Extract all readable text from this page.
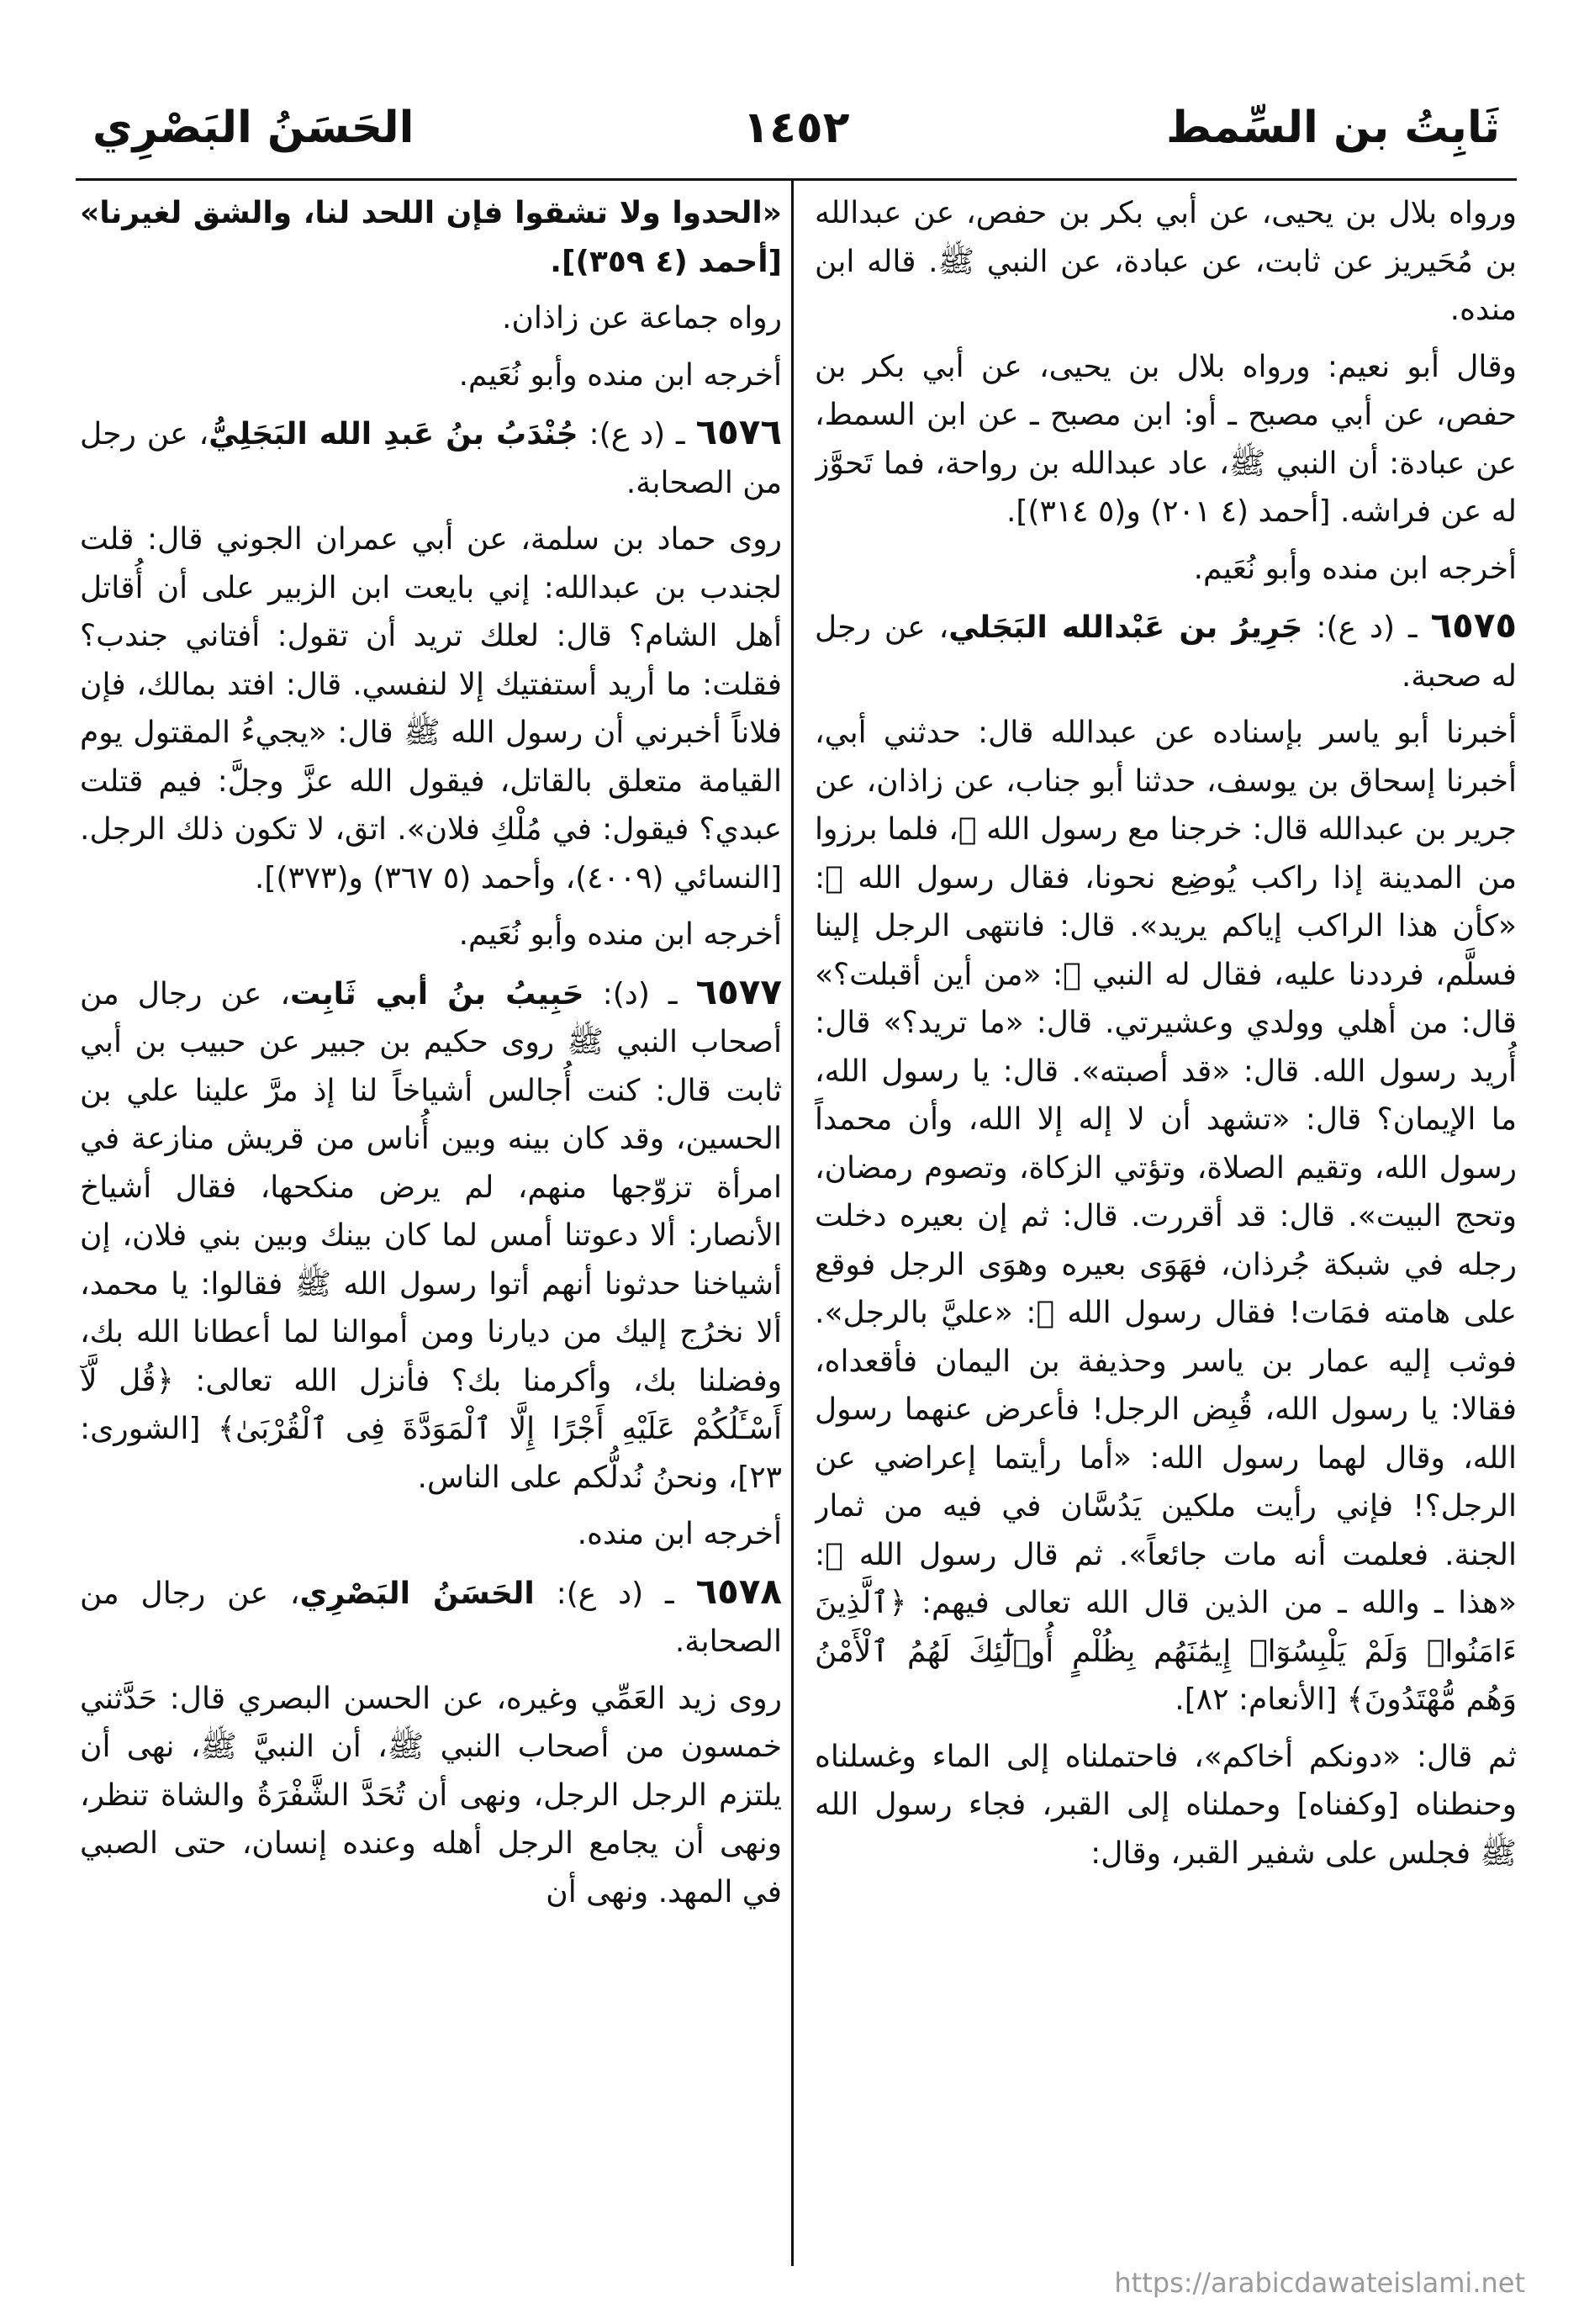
ثَابِتُ بن السِّمط
١٤٥٢
الحَسَنُ البَصْرِي

ورواه بلال بن يحيى، عن أبي بكر بن حفص، عن عبدالله بن مُحَيريز عن ثابت، عن عبادة، عن النبي ﷺ. قاله ابن منده.

وقال أبو نعيم: ورواه بلال بن يحيى، عن أبي بكر بن حفص، عن أبي مصبح ـ أو: ابن مصبح ـ عن ابن السمط، عن عبادة: أن النبي ﷺ، عاد عبدالله بن رواحة، فما تَحوَّز له عن فراشه. [أحمد (٤ ٢٠١) و(٥ ٣١٤)].

أخرجه ابن منده وأبو نُعَيم.

٦٥٧٥ ـ (د ع): جَرِيرُ بن عَبْدالله البَجَلي، عن رجل له صحبة.

أخبرنا أبو ياسر بإسناده عن عبدالله قال: حدثني أبي، أخبرنا إسحاق بن يوسف، حدثنا أبو جناب، عن زاذان، عن جرير بن عبدالله قال: خرجنا مع رسول الله ﷺ، فلما برزوا من المدينة إذا راكب يُوضِع نحونا، فقال رسول الله ﷺ: «كأن هذا الراكب إياكم يريد». قال: فانتهى الرجل إلينا فسلَّم، فرددنا عليه، فقال له النبي ﷺ: «من أين أقبلت؟» قال: من أهلي وولدي وعشيرتي. قال: «ما تريد؟» قال: أُريد رسول الله. قال: «قد أصبته». قال: يا رسول الله، ما الإيمان؟ قال: «تشهد أن لا إله إلا الله، وأن محمداً رسول الله، وتقيم الصلاة، وتؤتي الزكاة، وتصوم رمضان، وتحج البيت». قال: قد أقررت. قال: ثم إن بعيره دخلت رجله في شبكة جُرذان، فهَوَى بعيره وهوَى الرجل فوقع على هامته فمَات! فقال رسول الله ﷺ: «عليَّ بالرجل». فوثب إليه عمار بن ياسر وحذيفة بن اليمان فأقعداه، فقالا: يا رسول الله، قُبِض الرجل! فأعرض عنهما رسول الله، وقال لهما رسول الله: «أما رأيتما إعراضي عن الرجل؟! فإني رأيت ملكين يَدُسَّان في فيه من ثمار الجنة. فعلمت أنه مات جائعاً». ثم قال رسول الله ﷺ: «هذا ـ والله ـ من الذين قال الله تعالى فيهم: ﴿ٱلَّذِينَ ءَامَنُوا۟ وَلَمْ يَلْبِسُوٓا۟ إِيمَٰنَهُم بِظُلْمٍ أُو۟لَٰٓئِكَ لَهُمُ ٱلْأَمْنُ وَهُم مُّهْتَدُونَ﴾ [الأنعام: ٨٢].

ثم قال: «دونكم أخاكم»، فاحتملناه إلى الماء وغسلناه وحنطناه [وكفناه] وحملناه إلى القبر، فجاء رسول الله ﷺ فجلس على شفير القبر، وقال:

«الحدوا ولا تشقوا فإن اللحد لنا، والشق لغيرنا» [أحمد (٤ ٣٥٩)].

رواه جماعة عن زاذان.

أخرجه ابن منده وأبو نُعَيم.

٦٥٧٦ ـ (د ع): جُنْدَبُ بنُ عَبدِ الله البَجَلِيُّ، عن رجل من الصحابة.

روى حماد بن سلمة، عن أبي عمران الجوني قال: قلت لجندب بن عبدالله: إني بايعت ابن الزبير على أن أُقاتل أهل الشام؟ قال: لعلك تريد أن تقول: أفتاني جندب؟ فقلت: ما أريد أستفتيك إلا لنفسي. قال: افتد بمالك، فإن فلاناً أخبرني أن رسول الله ﷺ قال: «يجيءُ المقتول يوم القيامة متعلق بالقاتل، فيقول الله عزَّ وجلَّ: فيم قتلت عبدي؟ فيقول: في مُلْكِ فلان». اتق، لا تكون ذلك الرجل. [النسائي (٤٠٠٩)، وأحمد (٥ ٣٦٧) و(٣٧٣)].

أخرجه ابن منده وأبو نُعَيم.

٦٥٧٧ ـ (د): حَبِيبُ بنُ أبي ثَابِت، عن رجال من أصحاب النبي ﷺ روى حكيم بن جبير عن حبيب بن أبي ثابت قال: كنت أُجالس أشياخاً لنا إذ مرَّ علينا علي بن الحسين، وقد كان بينه وبين أُناس من قريش منازعة في امرأة تزوّجها منهم، لم يرض منكحها، فقال أشياخ الأنصار: ألا دعوتنا أمس لما كان بينك وبين بني فلان، إن أشياخنا حدثونا أنهم أتوا رسول الله ﷺ فقالوا: يا محمد، ألا نخرُج إليك من ديارنا ومن أموالنا لما أعطانا الله بك، وفضلنا بك، وأكرمنا بك؟ فأنزل الله تعالى: ﴿قُل لَّآ أَسْـَٔلُكُمْ عَلَيْهِ أَجْرًا إِلَّا ٱلْمَوَدَّةَ فِى ٱلْقُرْبَىٰ﴾ [الشورى: ٢٣]، ونحنُ نُدلُّكم على الناس.

أخرجه ابن منده.

٦٥٧٨ ـ (د ع): الحَسَنُ البَصْرِي، عن رجال من الصحابة.

روى زيد العَمِّي وغيره، عن الحسن البصري قال: حَدَّثني خمسون من أصحاب النبي ﷺ، أن النبيَّ ﷺ، نهى أن يلتزم الرجل الرجل، ونهى أن تُحَدَّ الشَّفْرَةُ والشاة تنظر، ونهى أن يجامع الرجل أهله وعنده إنسان، حتى الصبي في المهد. ونهى أن

https://arabicdawateislami.net
